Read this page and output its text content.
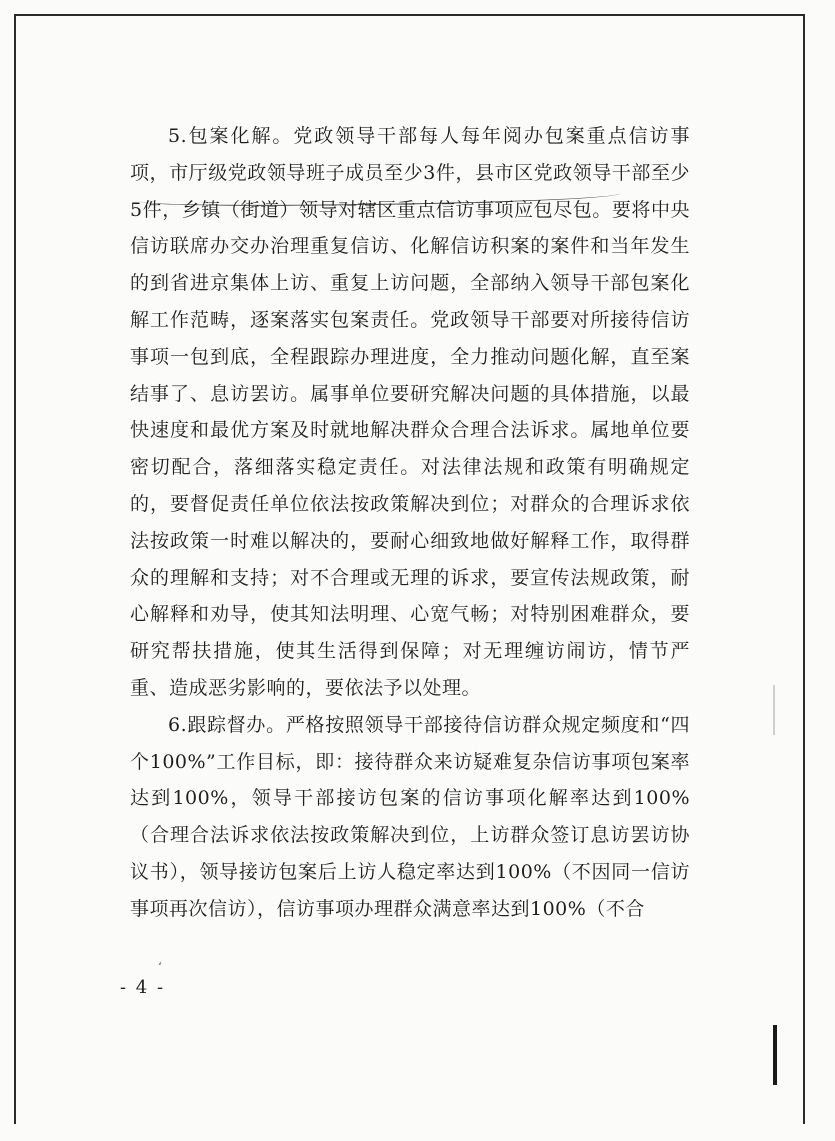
5.包案化解。党政领导干部每人每年阅办包案重点信访事项，市厅级党政领导班子成员至少3件，县市区党政领导干部至少5件，乡镇（街道）领导对辖区重点信访事项应包尽包。要将中央信访联席办交办治理重复信访、化解信访积案的案件和当年发生的到省进京集体上访、重复上访问题，全部纳入领导干部包案化解工作范畴，逐案落实包案责任。党政领导干部要对所接待信访事项一包到底，全程跟踪办理进度，全力推动问题化解，直至案结事了、息访罢访。属事单位要研究解决问题的具体措施，以最快速度和最优方案及时就地解决群众合理合法诉求。属地单位要密切配合，落细落实稳定责任。对法律法规和政策有明确规定的，要督促责任单位依法按政策解决到位；对群众的合理诉求依法按政策一时难以解决的，要耐心细致地做好解释工作，取得群众的理解和支持；对不合理或无理的诉求，要宣传法规政策，耐心解释和劝导，使其知法明理、心宽气畅；对特别困难群众，要研究帮扶措施，使其生活得到保障；对无理缠访闹访，情节严重、造成恶劣影响的，要依法予以处理。

6.跟踪督办。严格按照领导干部接待信访群众规定频度和“四个100%”工作目标，即：接待群众来访疑难复杂信访事项包案率达到100%，领导干部接访包案的信访事项化解率达到100%（合理合法诉求依法按政策解决到位，上访群众签订息访罢访协议书），领导接访包案后上访人稳定率达到100%（不因同一信访事项再次信访），信访事项办理群众满意率达到100%（不合

‘
- 4 -
